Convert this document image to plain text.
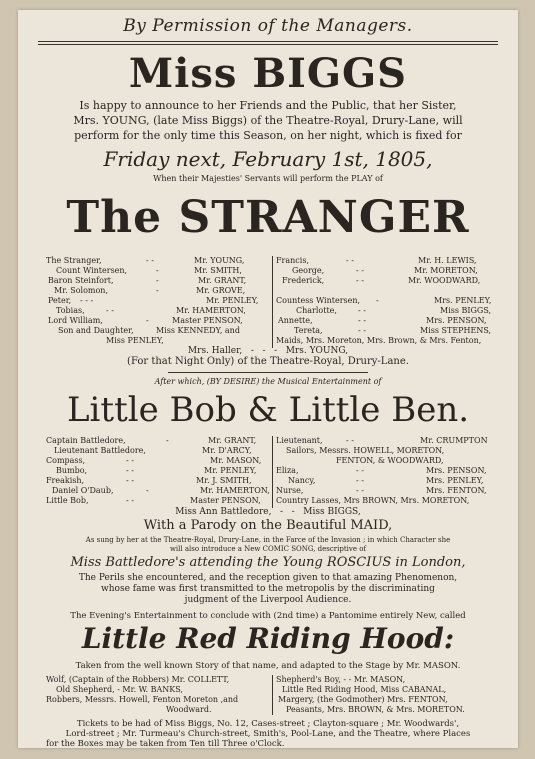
By Permission of the Managers.
Miss BIGGS
Is happy to announce to her Friends and the Public, that her Sister,
Mrs. YOUNG, (late Miss Biggs) of the Theatre-Royal, Drury-Lane, will
perform for the only time this Season, on her night, which is fixed for
Friday next, February 1st, 1805,
When their Majesties' Servants will perform the PLAY of
The STRANGER
The Stranger,	- -	Mr. YOUNG,
Count Wintersen,	-	Mr. SMITH,
Baron Steinfort,	-	Mr. GRANT,
Mr. Solomon,	-	Mr. GROVE,
Peter, - - -	Mr. PENLEY,
Tobias,	- -	Mr. HAMERTON,
Lord William,	-	Master PENSON,
Son and Daughter,	Miss KENNEDY, and
Miss PENLEY,
Francis,	- -	Mr. H. LEWIS,
George,	- -	Mr. MORETON,
Frederick,	- -	Mr. WOODWARD,
Countess Wintersen, -	Mrs. PENLEY,
Charlotte,	- -	Miss BIGGS,
Annette,	- -	Mrs. PENSON,
Tereta,	- -	Miss STEPHENS,
Maids, Mrs. Moreton, Mrs. Brown, & Mrs. Fenton,
Mrs. Haller,   -   -   -   Mrs. YOUNG,
(For that Night Only) of the Theatre-Royal, Drury-Lane.
After which, (BY DESIRE) the Musical Entertainment of
Little Bob & Little Ben.
Captain Battledore,	-	Mr. GRANT,
Lieutenant Battledore,	Mr. D'ARCY,
Compass,	- -	Mr. MASON,
Bumbo,	- -	Mr. PENLEY,
Freakish,	- -	Mr. J. SMITH,
Daniel O'Daub,	-	Mr. HAMERTON,
Little Bob,	- -	Master PENSON,
Lieutenant,	- -	Mr. CRUMPTON
Sailors, Messrs. HOWELL, MORETON,
FENTON, & WOODWARD,
Eliza,	- -	Mrs. PENSON,
Nancy,	- -	Mrs. PENLEY,
Nurse,	- -	Mrs. FENTON,
Country Lasses, Mrs BROWN, Mrs. MORETON,
Miss Ann Battledore,   -   -   Miss BIGGS,
With a Parody on the Beautiful MAID,
As sung by her at the Theatre-Royal, Drury-Lane, in the Farce of the Invasion ; in which Character she
will also introduce a New COMIC SONG, descriptive of
Miss Battledore's attending the Young ROSCIUS in London,
The Perils she encountered, and the reception given to that amazing Phenomenon,
whose fame was first transmitted to the metropolis by the discriminating
judgment of the Liverpool Audience.
The Evening's Entertainment to conclude with (2nd time) a Pantomime entirely New, called
Little Red Riding Hood:
Taken from the well known Story of that name, and adapted to the Stage by Mr. MASON.
Wolf, (Captain of the Robbers) Mr. COLLETT,
Old Shepherd, - Mr. W. BANKS,
Robbers, Messrs. Howell, Fenton Moreton ,and
Woodward.
Shepherd's Boy, - - Mr. MASON,
Little Red Riding Hood, Miss CABANAL,
Margery, (the Godmother) Mrs. FENTON,
Peasants, Mrs. BROWN, & Mrs. MORETON.
Tickets to be had of Miss Biggs, No. 12, Cases-street ; Clayton-square ; Mr. Woodwards',
Lord-street ; Mr. Turmeau's Church-street, Smith's, Pool-Lane, and the Theatre, where Places
for the Boxes may be taken from Ten till Three o'Clock.
